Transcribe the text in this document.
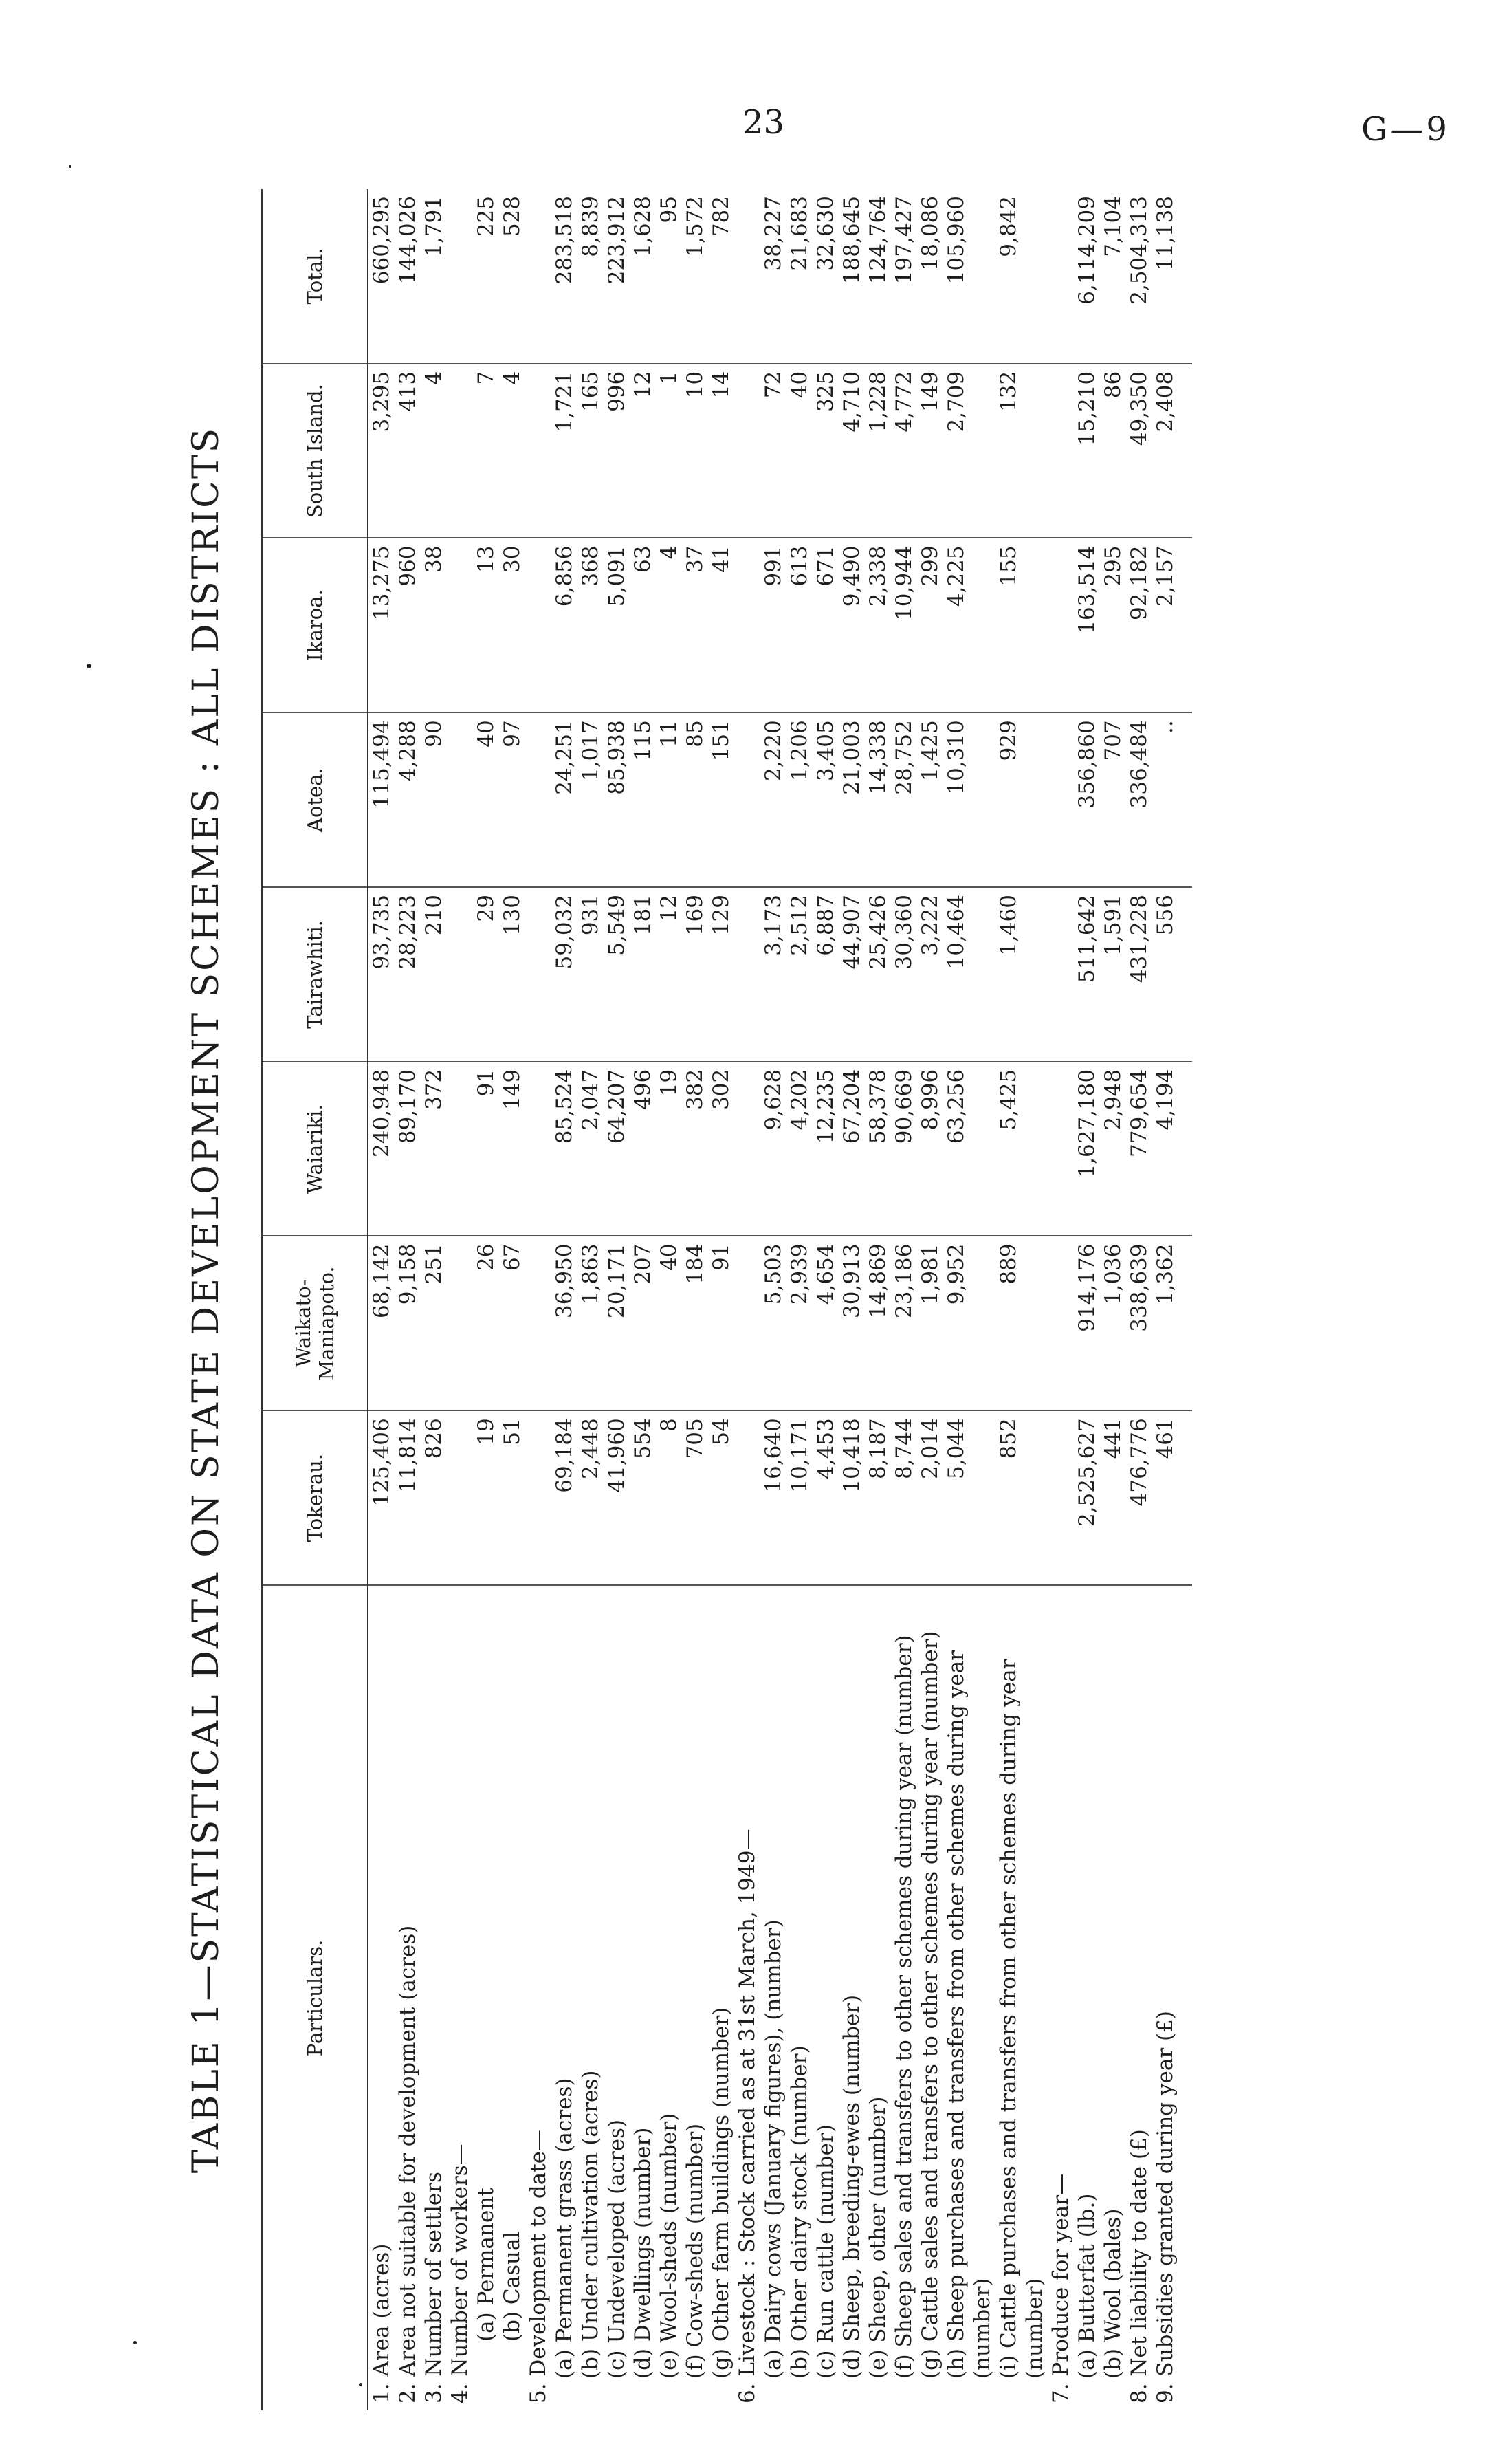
23	G—9
TABLE 1—STATISTICAL DATA ON STATE DEVELOPMENT SCHEMES : ALL DISTRICTS	Particulars.	Tokerau.	Waikato-Maniapoto.	Waiariki.	Tairawhiti.	Aotea.	Ikaroa.	South Island.	Total.

1. Area (acres)	125,406	68,142	240,948	93,735	115,494	13,275	3,295	660,295

2. Area not suitable for development (acres)	11,814	9,158	89,170	28,223	4,288	960	413	144,026

3. Number of settlers	826	251	372	210	90	38	4	1,791

4. Number of workers—								

(a) Permanent	19	26	91	29	40	13	7	225

(b) Casual	51	67	149	130	97	30	4	528

5. Development to date—								

(a) Permanent grass (acres)	69,184	36,950	85,524	59,032	24,251	6,856	1,721	283,518

(b) Under cultivation (acres)	2,448	1,863	2,047	931	1,017	368	165	8,839

(c) Undeveloped (acres)	41,960	20,171	64,207	5,549	85,938	5,091	996	223,912

(d) Dwellings (number)	554	207	496	181	115	63	12	1,628

(e) Wool-sheds (number)	8	40	19	12	11	4	1	95

(f) Cow-sheds (number)	705	184	382	169	85	37	10	1,572

(g) Other farm buildings (number)	54	91	302	129	151	41	14	782

6. Livestock : Stock carried as at 31st March, 1949—								

(a) Dairy cows (January figures), (number)	16,640	5,503	9,628	3,173	2,220	991	72	38,227

(b) Other dairy stock (number)	10,171	2,939	4,202	2,512	1,206	613	40	21,683

(c) Run cattle (number)	4,453	4,654	12,235	6,887	3,405	671	325	32,630

(d) Sheep, breeding-ewes (number)	10,418	30,913	67,204	44,907	21,003	9,490	4,710	188,645

(e) Sheep, other (number)	8,187	14,869	58,378	25,426	14,338	2,338	1,228	124,764

(f) Sheep sales and transfers to other schemes during year (number)	8,744	23,186	90,669	30,360	28,752	10,944	4,772	197,427

(g) Cattle sales and transfers to other schemes during year (number)	2,014	1,981	8,996	3,222	1,425	299	149	18,086

(h) Sheep purchases and transfers from other schemes during year (number)	5,044	9,952	63,256	10,464	10,310	4,225	2,709	105,960

(i) Cattle purchases and transfers from other schemes during year (number)	852	889	5,425	1,460	929	155	132	9,842

7. Produce for year—								

(a) Butterfat (lb.)	2,525,627	914,176	1,627,180	511,642	356,860	163,514	15,210	6,114,209

(b) Wool (bales)	441	1,036	2,948	1,591	707	295	86	7,104

8. Net liability to date (£)	476,776	338,639	779,654	431,228	336,484	92,182	49,350	2,504,313

9. Subsidies granted during year (£)	461	1,362	4,194	556	..	2,157	2,408	11,138
